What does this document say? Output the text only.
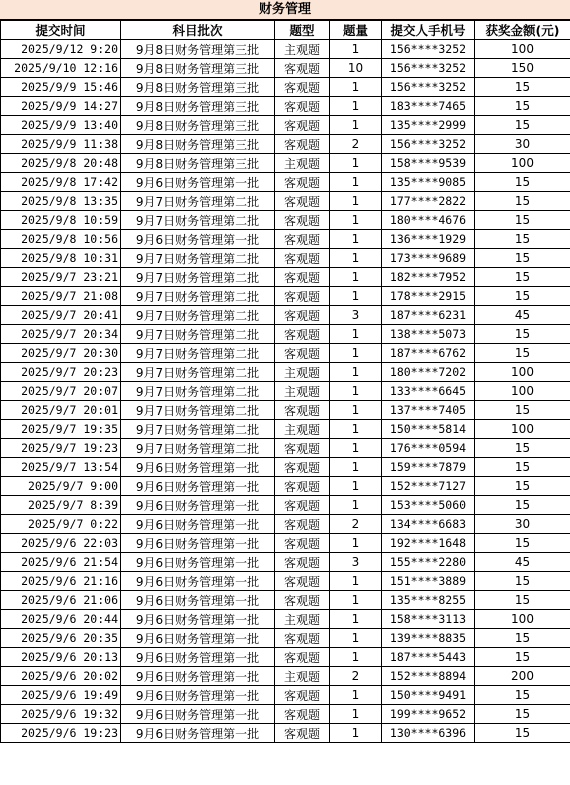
财务管理
提交时间	科目批次	题型	题量	提交人手机号	获奖金额(元)
2025/9/12 9:20	9月8日财务管理第三批	主观题	1	156****3252	100
2025/9/10 12:16	9月8日财务管理第三批	客观题	10	156****3252	150
2025/9/9 15:46	9月8日财务管理第三批	客观题	1	156****3252	15
2025/9/9 14:27	9月8日财务管理第三批	客观题	1	183****7465	15
2025/9/9 13:40	9月8日财务管理第三批	客观题	1	135****2999	15
2025/9/9 11:38	9月8日财务管理第三批	客观题	2	156****3252	30
2025/9/8 20:48	9月8日财务管理第三批	主观题	1	158****9539	100
2025/9/8 17:42	9月6日财务管理第一批	客观题	1	135****9085	15
2025/9/8 13:35	9月7日财务管理第二批	客观题	1	177****2822	15
2025/9/8 10:59	9月7日财务管理第二批	客观题	1	180****4676	15
2025/9/8 10:56	9月6日财务管理第一批	客观题	1	136****1929	15
2025/9/8 10:31	9月7日财务管理第二批	客观题	1	173****9689	15
2025/9/7 23:21	9月7日财务管理第二批	客观题	1	182****7952	15
2025/9/7 21:08	9月7日财务管理第二批	客观题	1	178****2915	15
2025/9/7 20:41	9月7日财务管理第二批	客观题	3	187****6231	45
2025/9/7 20:34	9月7日财务管理第二批	客观题	1	138****5073	15
2025/9/7 20:30	9月7日财务管理第二批	客观题	1	187****6762	15
2025/9/7 20:23	9月7日财务管理第二批	主观题	1	180****7202	100
2025/9/7 20:07	9月7日财务管理第二批	主观题	1	133****6645	100
2025/9/7 20:01	9月7日财务管理第二批	客观题	1	137****7405	15
2025/9/7 19:35	9月7日财务管理第二批	主观题	1	150****5814	100
2025/9/7 19:23	9月7日财务管理第二批	客观题	1	176****0594	15
2025/9/7 13:54	9月6日财务管理第一批	客观题	1	159****7879	15
2025/9/7 9:00	9月6日财务管理第一批	客观题	1	152****7127	15
2025/9/7 8:39	9月6日财务管理第一批	客观题	1	153****5060	15
2025/9/7 0:22	9月6日财务管理第一批	客观题	2	134****6683	30
2025/9/6 22:03	9月6日财务管理第一批	客观题	1	192****1648	15
2025/9/6 21:54	9月6日财务管理第一批	客观题	3	155****2280	45
2025/9/6 21:16	9月6日财务管理第一批	客观题	1	151****3889	15
2025/9/6 21:06	9月6日财务管理第一批	客观题	1	135****8255	15
2025/9/6 20:44	9月6日财务管理第一批	主观题	1	158****3113	100
2025/9/6 20:35	9月6日财务管理第一批	客观题	1	139****8835	15
2025/9/6 20:13	9月6日财务管理第一批	客观题	1	187****5443	15
2025/9/6 20:02	9月6日财务管理第一批	主观题	2	152****8894	200
2025/9/6 19:49	9月6日财务管理第一批	客观题	1	150****9491	15
2025/9/6 19:32	9月6日财务管理第一批	客观题	1	199****9652	15
2025/9/6 19:23	9月6日财务管理第一批	客观题	1	130****6396	15
